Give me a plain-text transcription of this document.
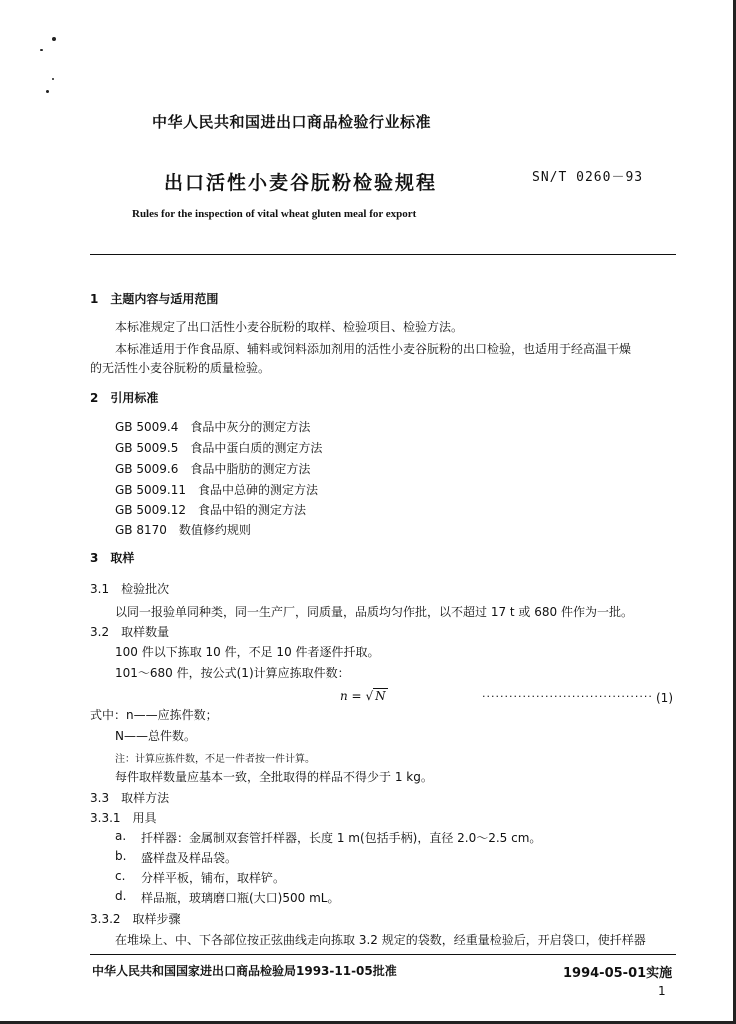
中华人民共和国进出口商品检验行业标准
出口活性小麦谷朊粉检验规程	SN/T 0260－93
Rules for the inspection of vital wheat gluten meal for export
1　主题内容与适用范围
本标准规定了出口活性小麦谷朊粉的取样、检验项目、检验方法。
本标准适用于作食品原、辅料或饲料添加剂用的活性小麦谷朊粉的出口检验，也适用于经高温干燥
的无活性小麦谷朊粉的质量检验。
2　引用标准
GB 5009.4　食品中灰分的测定方法
GB 5009.5　食品中蛋白质的测定方法
GB 5009.6　食品中脂肪的测定方法
GB 5009.11　食品中总砷的测定方法
GB 5009.12　食品中铅的测定方法
GB 8170　数值修约规则
3　取样
3.1　检验批次
以同一报验单同种类，同一生产厂，同质量，品质均匀作批，以不超过 17 t 或 680 件作为一批。
3.2　取样数量
100 件以下拣取 10 件，不足 10 件者逐件扦取。
101～680 件，按公式(1)计算应拣取件数：
n = √ N	······································ (1)
式中：n——应拣件数；
N——总件数。
注：计算应拣件数，不足一件者按一件计算。
每件取样数量应基本一致，全批取得的样品不得少于 1 kg。
3.3　取样方法
3.3.1　用具
a. 扦样器：金属制双套管扦样器，长度 1 m(包括手柄)，直径 2.0～2.5 cm。
b. 盛样盘及样品袋。
c. 分样平板，铺布，取样铲。
d. 样品瓶，玻璃磨口瓶(大口)500 mL。
3.3.2　取样步骤
在堆垛上、中、下各部位按正弦曲线走向拣取 3.2 规定的袋数，经重量检验后，开启袋口，使扦样器
中华人民共和国国家进出口商品检验局1993-11-05批准	1994-05-01实施
1
